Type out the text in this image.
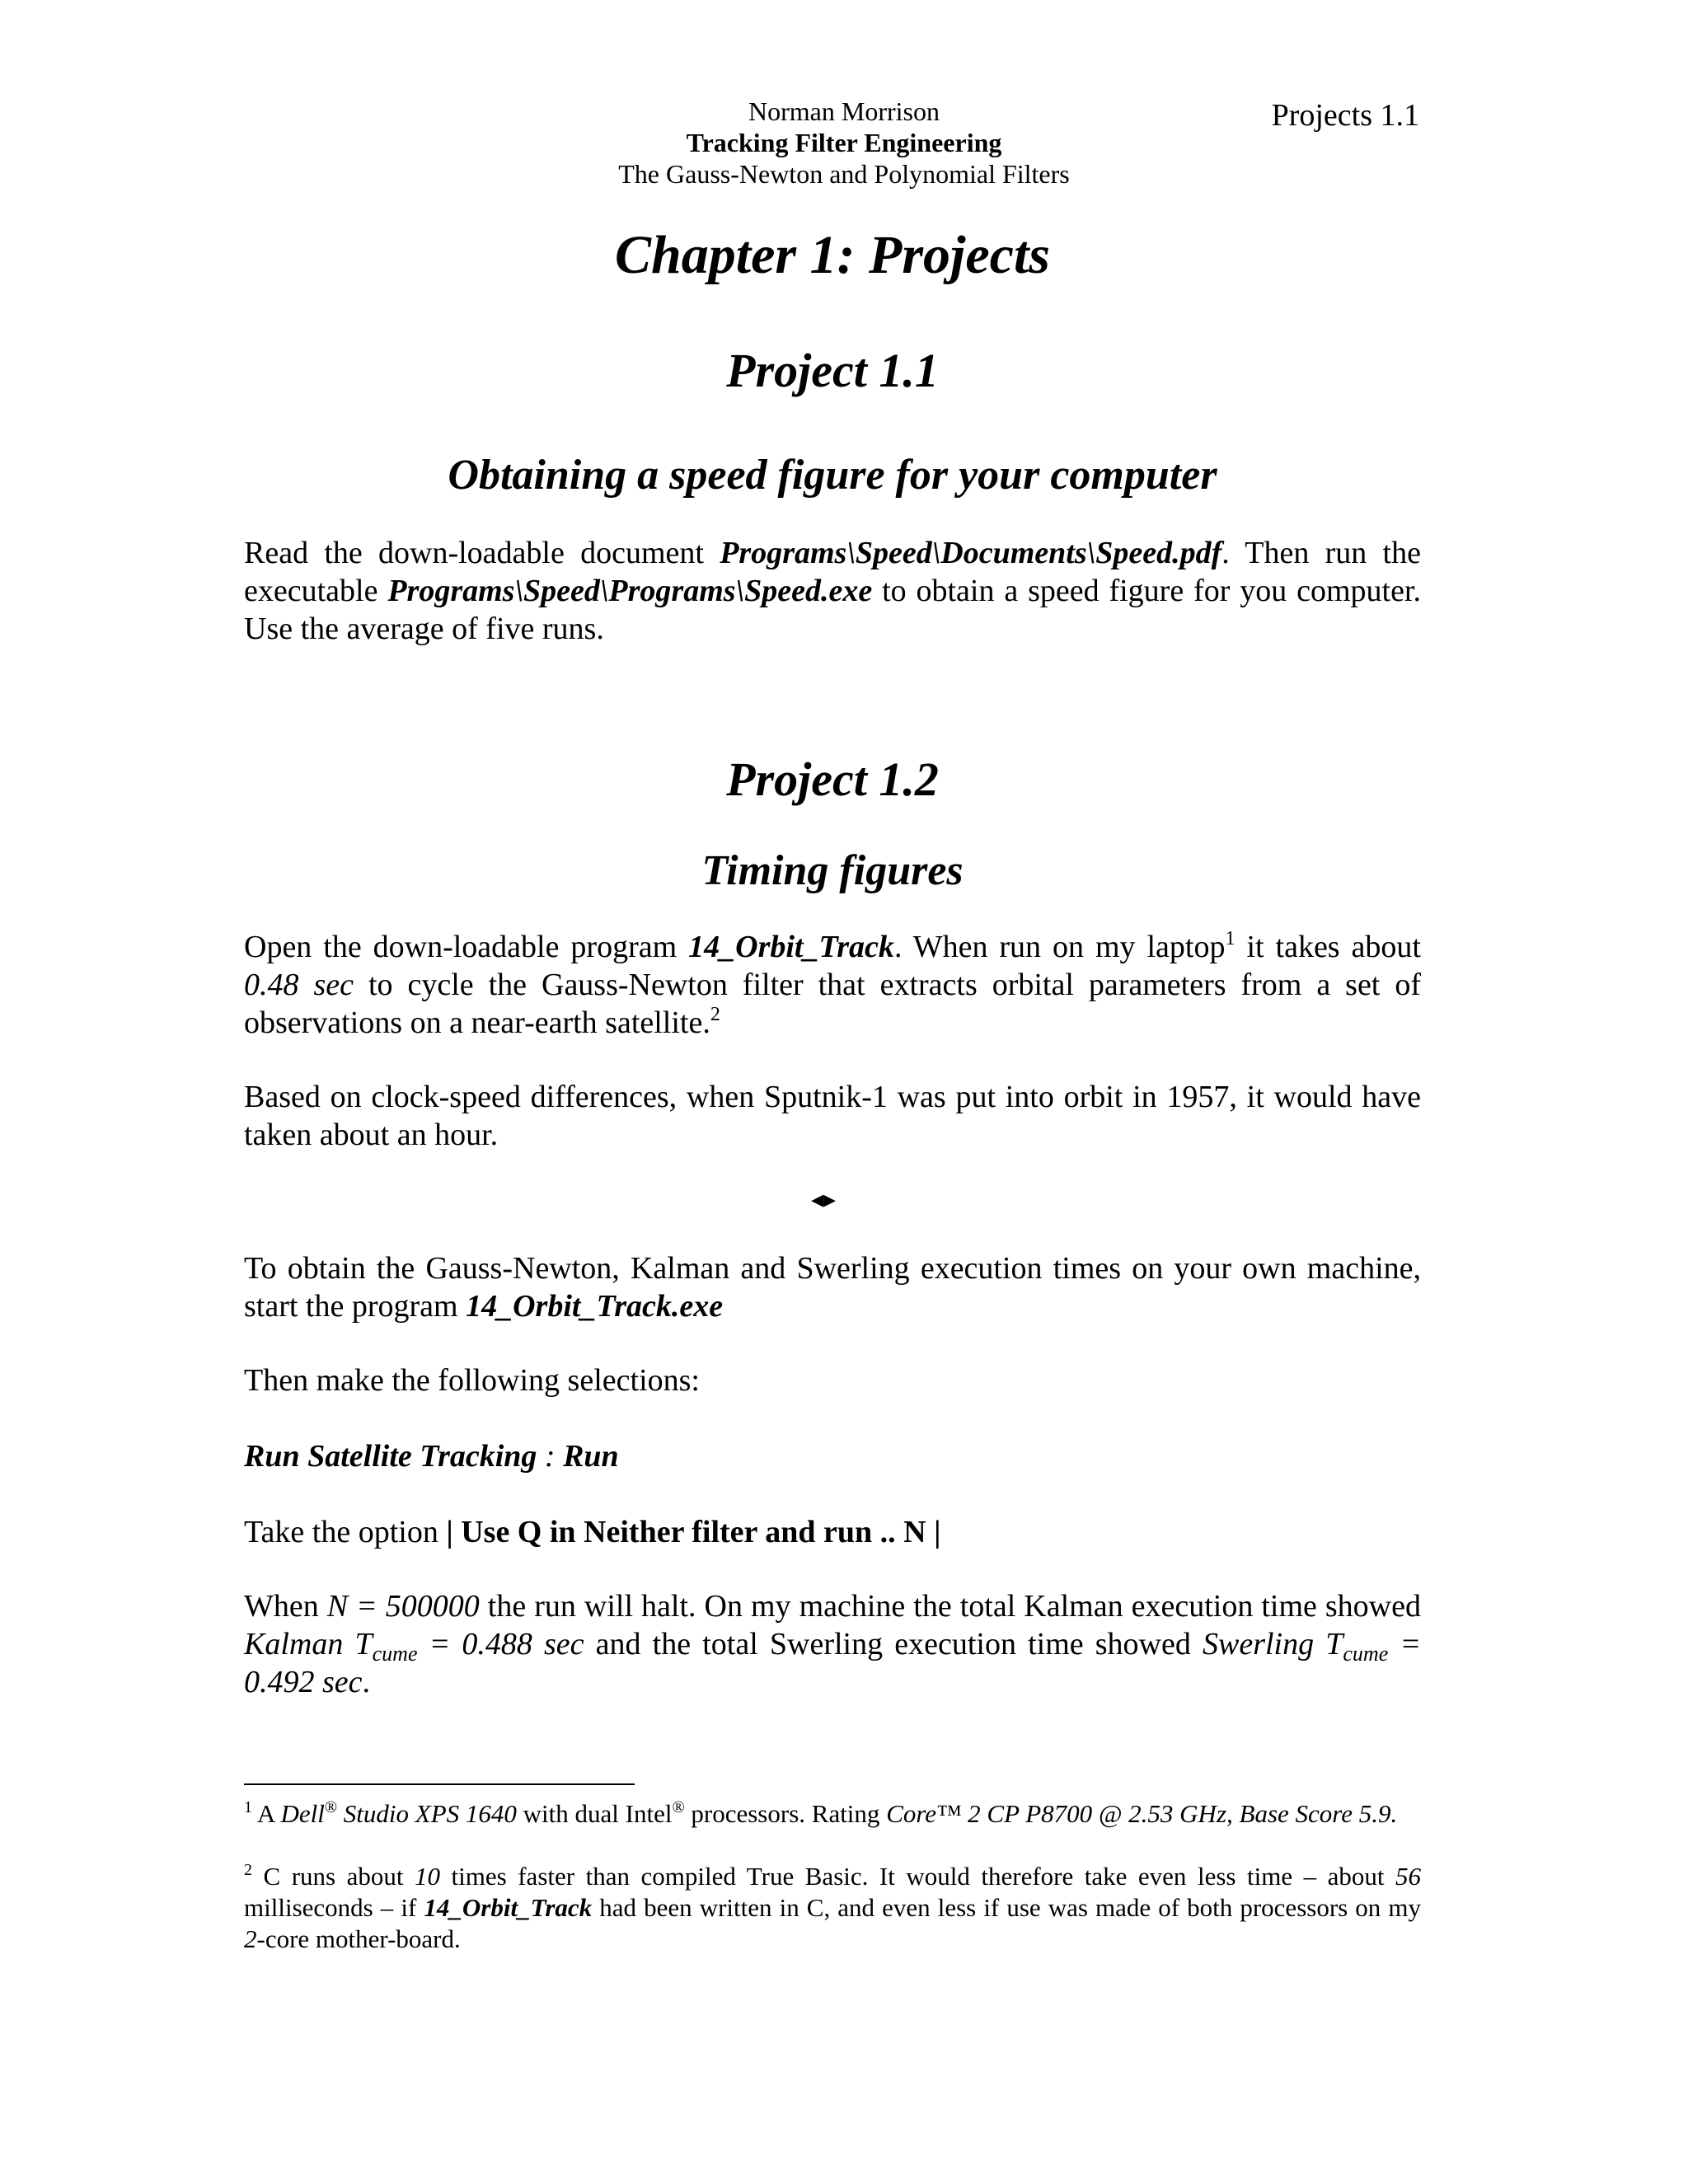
Norman Morrison
Tracking Filter Engineering
The Gauss-Newton and Polynomial Filters
Projects 1.1
Chapter 1: Projects
Project 1.1
Obtaining a speed figure for your computer

Read the down-loadable document Programs\Speed\Documents\Speed.pdf. Then run the executable Programs\Speed\Programs\Speed.exe to obtain a speed figure for you computer. Use the average of five runs.

Project 1.2
Timing figures

Open the down-loadable program 14_Orbit_Track. When run on my laptop$^1$ it takes about 0.48 sec to cycle the Gauss-Newton filter that extracts orbital parameters from a set of observations on a near-earth satellite.$^2$

Based on clock-speed differences, when Sputnik-1 was put into orbit in 1957, it would have taken about an hour.

◂▸

To obtain the Gauss-Newton, Kalman and Swerling execution times on your own machine, start the program 14_Orbit_Track.exe

Then make the following selections:

Run Satellite Tracking : Run

Take the option | Use Q in Neither filter and run .. N |

When N = 500000 the run will halt. On my machine the total Kalman execution time showed Kalman $T_{cume} = 0.488$ sec and the total Swerling execution time showed Swerling $T_{cume} = 0.492$ sec.

$^1$ A Dell® Studio XPS 1640 with dual Intel® processors. Rating Core™ 2 CP P8700 @ 2.53 GHz, Base Score 5.9.

$^2$ C runs about 10 times faster than compiled True Basic. It would therefore take even less time – about 56 milliseconds – if 14_Orbit_Track had been written in C, and even less if use was made of both processors on my 2-core mother-board.
